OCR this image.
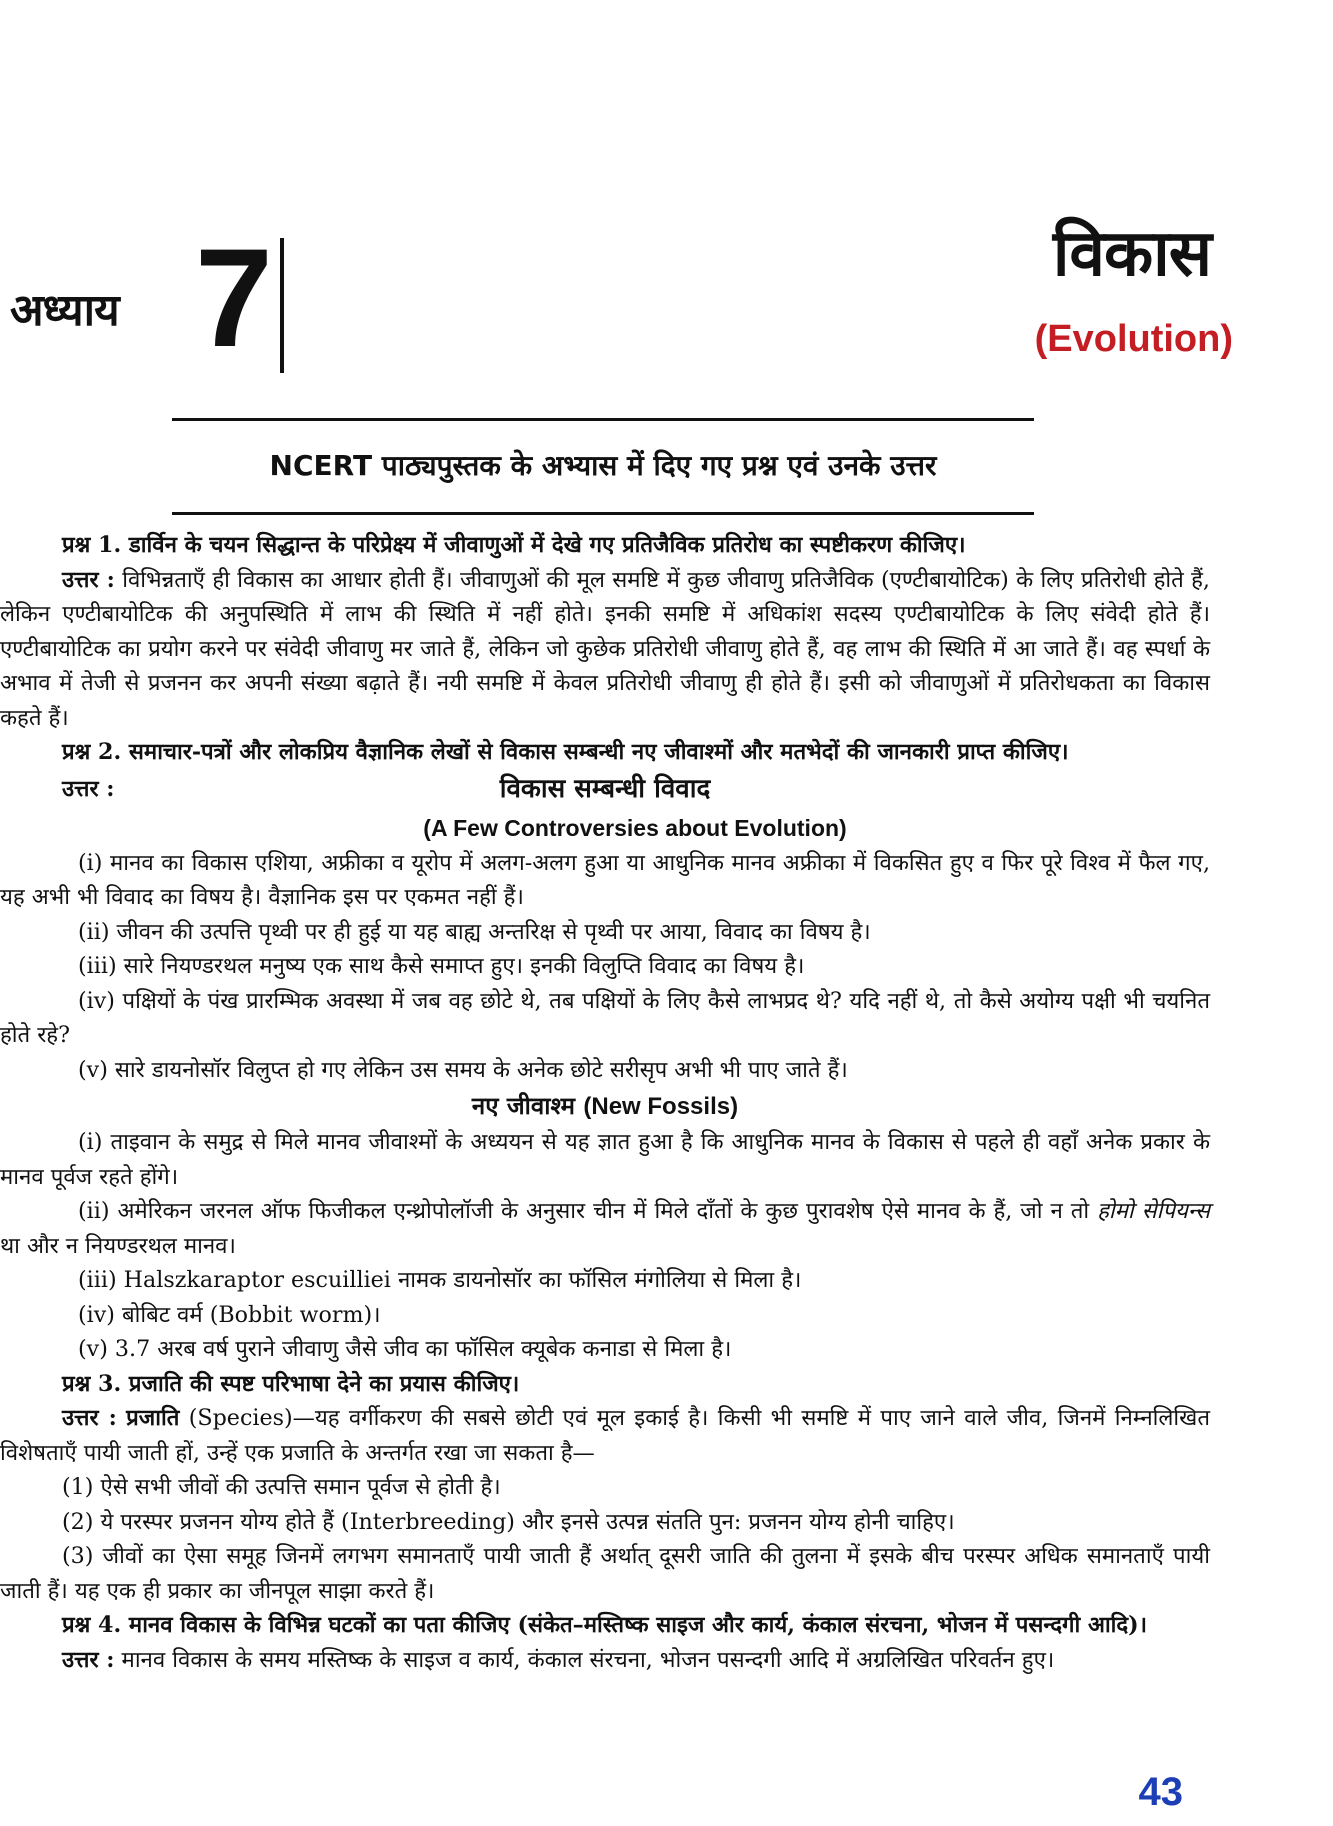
अध्याय 7	विकास
(Evolution)
NCERT पाठ्यपुस्तक के अभ्यास में दिए गए प्रश्न एवं उनके उत्तर

प्रश्न 1. डार्विन के चयन सिद्धान्त के परिप्रेक्ष्य में जीवाणुओं में देखे गए प्रतिजैविक प्रतिरोध का स्पष्टीकरण कीजिए।

उत्तर : विभिन्नताएँ ही विकास का आधार होती हैं। जीवाणुओं की मूल समष्टि में कुछ जीवाणु प्रतिजैविक (एण्टीबायोटिक) के लिए प्रतिरोधी होते हैं, लेकिन एण्टीबायोटिक की अनुपस्थिति में लाभ की स्थिति में नहीं होते। इनकी समष्टि में अधिकांश सदस्य एण्टीबायोटिक के लिए संवेदी होते हैं। एण्टीबायोटिक का प्रयोग करने पर संवेदी जीवाणु मर जाते हैं, लेकिन जो कुछेक प्रतिरोधी जीवाणु होते हैं, वह लाभ की स्थिति में आ जाते हैं। वह स्पर्धा के अभाव में तेजी से प्रजनन कर अपनी संख्या बढ़ाते हैं। नयी समष्टि में केवल प्रतिरोधी जीवाणु ही होते हैं। इसी को जीवाणुओं में प्रतिरोधकता का विकास कहते हैं।

प्रश्न 2. समाचार-पत्रों और लोकप्रिय वैज्ञानिक लेखों से विकास सम्बन्धी नए जीवाश्मों और मतभेदों की जानकारी प्राप्त कीजिए।

उत्तर :	विकास सम्बन्धी विवाद
(A Few Controversies about Evolution)

(i) मानव का विकास एशिया, अफ्रीका व यूरोप में अलग-अलग हुआ या आधुनिक मानव अफ्रीका में विकसित हुए व फिर पूरे विश्व में फैल गए, यह अभी भी विवाद का विषय है। वैज्ञानिक इस पर एकमत नहीं हैं।

(ii) जीवन की उत्पत्ति पृथ्वी पर ही हुई या यह बाह्य अन्तरिक्ष से पृथ्वी पर आया, विवाद का विषय है।

(iii) सारे नियण्डरथल मनुष्य एक साथ कैसे समाप्त हुए। इनकी विलुप्ति विवाद का विषय है।

(iv) पक्षियों के पंख प्रारम्भिक अवस्था में जब वह छोटे थे, तब पक्षियों के लिए कैसे लाभप्रद थे? यदि नहीं थे, तो कैसे अयोग्य पक्षी भी चयनित होते रहे?

(v) सारे डायनोसॉर विलुप्त हो गए लेकिन उस समय के अनेक छोटे सरीसृप अभी भी पाए जाते हैं।

नए जीवाश्म (New Fossils)

(i) ताइवान के समुद्र से मिले मानव जीवाश्मों के अध्ययन से यह ज्ञात हुआ है कि आधुनिक मानव के विकास से पहले ही वहाँ अनेक प्रकार के मानव पूर्वज रहते होंगे।

(ii) अमेरिकन जरनल ऑफ फिजीकल एन्थ्रोपोलॉजी के अनुसार चीन में मिले दाँतों के कुछ पुरावशेष ऐसे मानव के हैं, जो न तो होमो सेपियन्स था और न नियण्डरथल मानव।

(iii) Halszkaraptor escuilliei नामक डायनोसॉर का फॉसिल मंगोलिया से मिला है।

(iv) बोबिट वर्म (Bobbit worm)।

(v) 3.7 अरब वर्ष पुराने जीवाणु जैसे जीव का फॉसिल क्यूबेक कनाडा से मिला है।

प्रश्न 3. प्रजाति की स्पष्ट परिभाषा देने का प्रयास कीजिए।

उत्तर : प्रजाति (Species)—यह वर्गीकरण की सबसे छोटी एवं मूल इकाई है। किसी भी समष्टि में पाए जाने वाले जीव, जिनमें निम्नलिखित विशेषताएँ पायी जाती हों, उन्हें एक प्रजाति के अन्तर्गत रखा जा सकता है—

(1) ऐसे सभी जीवों की उत्पत्ति समान पूर्वज से होती है।

(2) ये परस्पर प्रजनन योग्य होते हैं (Interbreeding) और इनसे उत्पन्न संतति पुन: प्रजनन योग्य होनी चाहिए।

(3) जीवों का ऐसा समूह जिनमें लगभग समानताएँ पायी जाती हैं अर्थात् दूसरी जाति की तुलना में इसके बीच परस्पर अधिक समानताएँ पायी जाती हैं। यह एक ही प्रकार का जीनपूल साझा करते हैं।

प्रश्न 4. मानव विकास के विभिन्न घटकों का पता कीजिए (संकेत–मस्तिष्क साइज और कार्य, कंकाल संरचना, भोजन में पसन्दगी आदि)।

उत्तर : मानव विकास के समय मस्तिष्क के साइज व कार्य, कंकाल संरचना, भोजन पसन्दगी आदि में अग्रलिखित परिवर्तन हुए।

43
